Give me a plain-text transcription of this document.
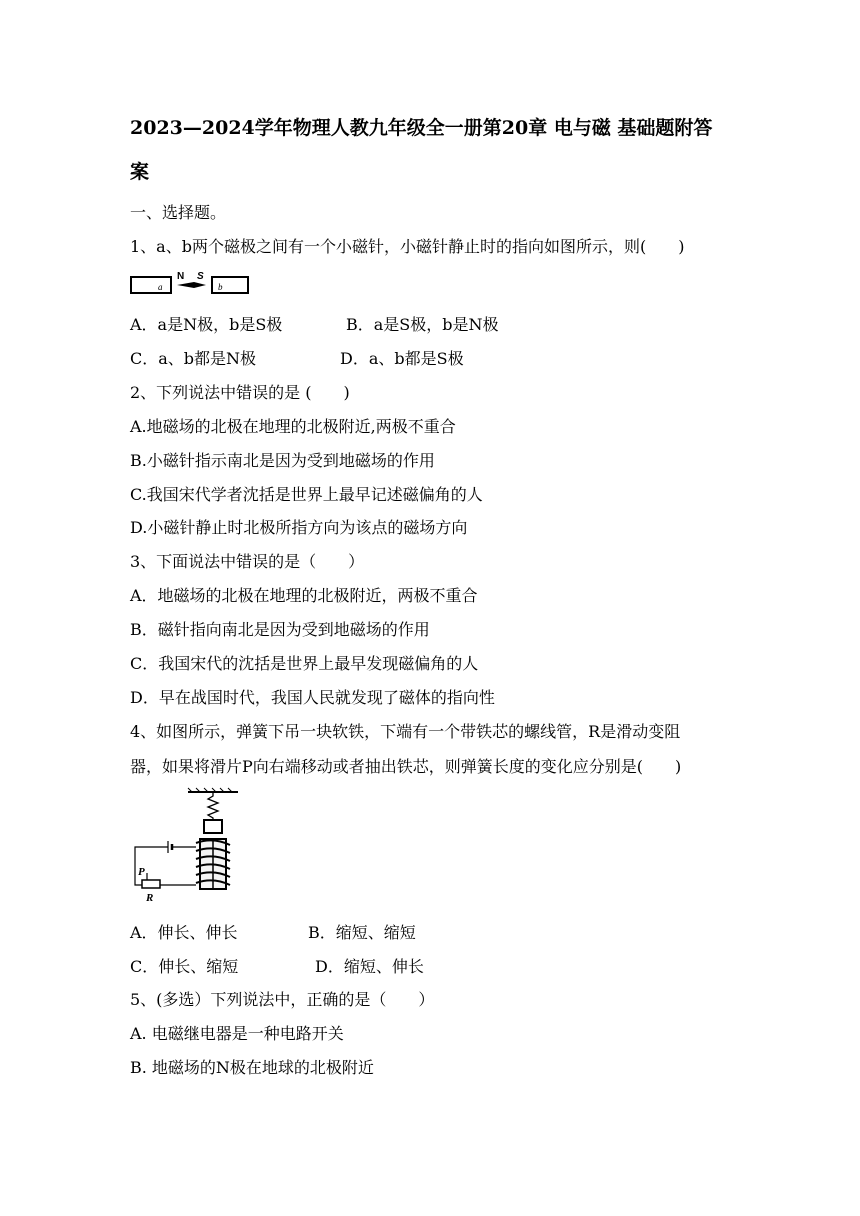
2023—2024学年物理人教九年级全一册第20章 电与磁 基础题附答
案
一、选择题。
1、a、b两个磁极之间有一个小磁针，小磁针静止时的指向如图所示，则(　　)
a	b
N S
A．a是N极，b是S极	B．a是S极，b是N极
C．a、b都是N极	D．a、b都是S极
2、下列说法中错误的是 (　　)
A.地磁场的北极在地理的北极附近,两极不重合
B.小磁针指示南北是因为受到地磁场的作用
C.我国宋代学者沈括是世界上最早记述磁偏角的人
D.小磁针静止时北极所指方向为该点的磁场方向
3、下面说法中错误的是（　　）
A．地磁场的北极在地理的北极附近，两极不重合
B．磁针指向南北是因为受到地磁场的作用
C．我国宋代的沈括是世界上最早发现磁偏角的人
D．早在战国时代，我国人民就发现了磁体的指向性
4、如图所示，弹簧下吊一块软铁，下端有一个带铁芯的螺线管，R是滑动变阻
器，如果将滑片P向右端移动或者抽出铁芯，则弹簧长度的变化应分别是(　　)
P
R
A．伸长、伸长	B．缩短、缩短
C．伸长、缩短	D．缩短、伸长
5、(多选）下列说法中，正确的是（　　）
A. 电磁继电器是一种电路开关
B. 地磁场的N极在地球的北极附近
